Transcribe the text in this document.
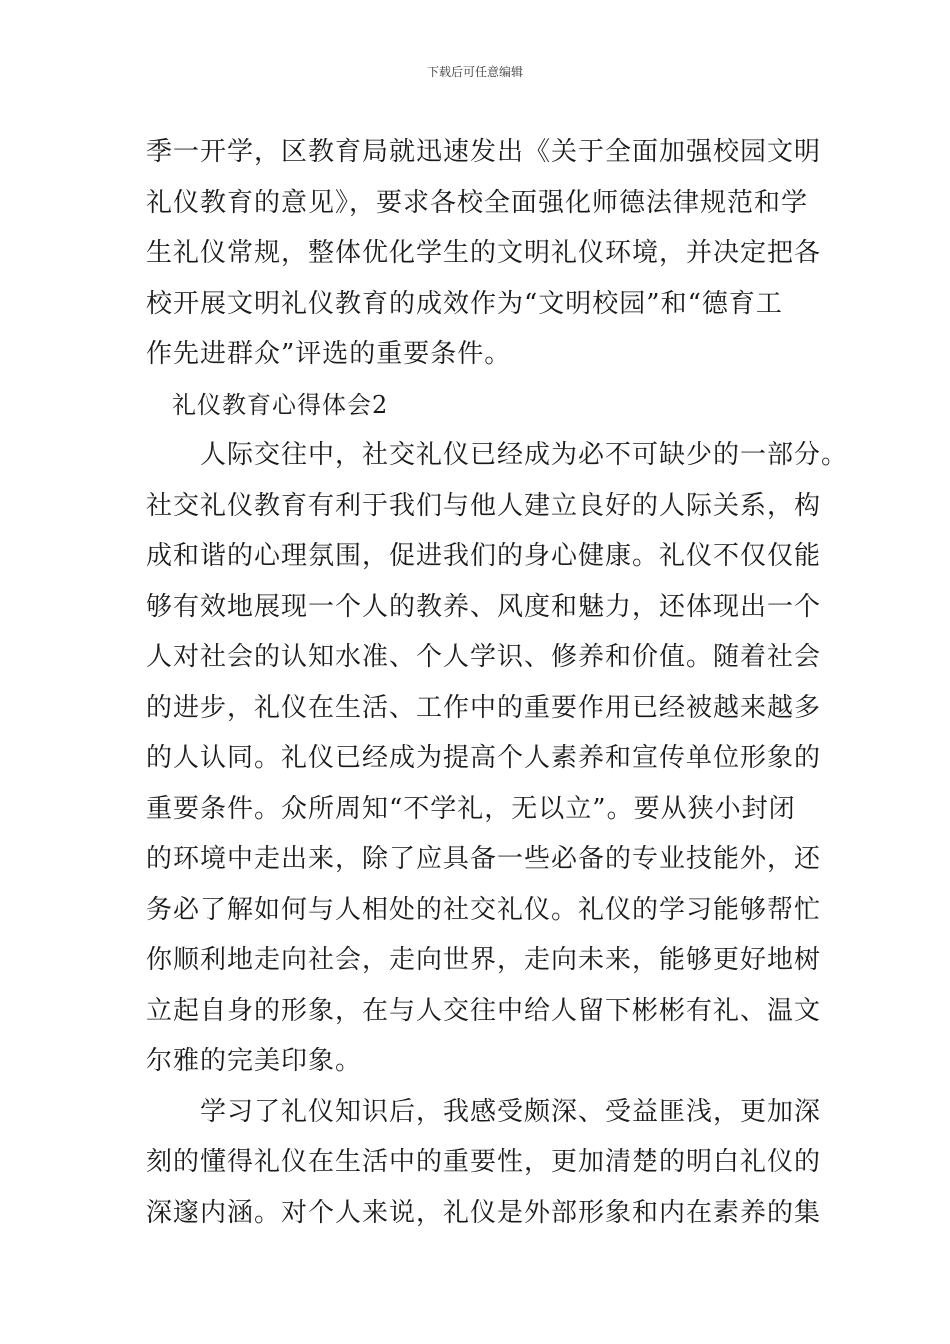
下载后可任意编辑
季一开学，区教育局就迅速发出《关于全面加强校园文明
礼仪教育的意见》，要求各校全面强化师德法律规范和学
生礼仪常规，整体优化学生的文明礼仪环境，并决定把各
校开展文明礼仪教育的成效作为“文明校园”和“德育工
作先进群众”评选的重要条件。
礼仪教育心得体会2
人际交往中，社交礼仪已经成为必不可缺少的一部分。
社交礼仪教育有利于我们与他人建立良好的人际关系，构
成和谐的心理氛围，促进我们的身心健康。礼仪不仅仅能
够有效地展现一个人的教养、风度和魅力，还体现出一个
人对社会的认知水准、个人学识、修养和价值。随着社会
的进步，礼仪在生活、工作中的重要作用已经被越来越多
的人认同。礼仪已经成为提高个人素养和宣传单位形象的
重要条件。众所周知“不学礼，无以立”。要从狭小封闭
的环境中走出来，除了应具备一些必备的专业技能外，还
务必了解如何与人相处的社交礼仪。礼仪的学习能够帮忙
你顺利地走向社会，走向世界，走向未来，能够更好地树
立起自身的形象，在与人交往中给人留下彬彬有礼、温文
尔雅的完美印象。
学习了礼仪知识后，我感受颇深、受益匪浅，更加深
刻的懂得礼仪在生活中的重要性，更加清楚的明白礼仪的
深邃内涵。对个人来说，礼仪是外部形象和内在素养的集
